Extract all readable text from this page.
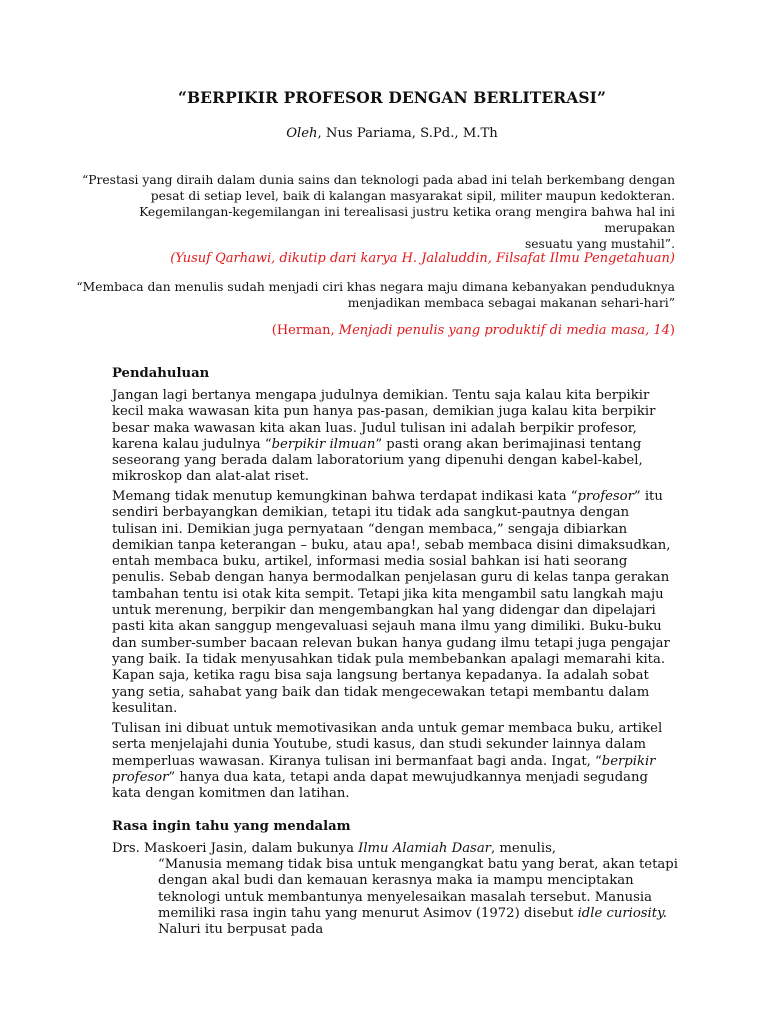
“BERPIKIR PROFESOR DENGAN BERLITERASI”

Oleh, Nus Pariama, S.Pd., M.Th

“Prestasi yang diraih dalam dunia sains dan teknologi pada abad ini telah berkembang dengan
pesat di setiap level, baik di kalangan masyarakat sipil, militer maupun kedokteran.
Kegemilangan-kegemilangan ini terealisasi justru ketika orang mengira bahwa hal ini merupakan
sesuatu yang mustahil”.

(Yusuf Qarhawi, dikutip dari karya H. Jalaluddin, Filsafat Ilmu Pengetahuan)

“Membaca dan menulis sudah menjadi ciri khas negara maju dimana kebanyakan penduduknya
menjadikan membaca sebagai makanan sehari-hari”

(Herman, Menjadi penulis yang produktif di media masa, 14)

Pendahuluan

Jangan lagi bertanya mengapa judulnya demikian. Tentu saja kalau kita berpikir kecil maka wawasan kita pun hanya pas-pasan, demikian juga kalau kita berpikir besar maka wawasan kita akan luas. Judul tulisan ini adalah berpikir profesor, karena kalau judulnya “berpikir ilmuan” pasti orang akan berimajinasi tentang seseorang yang berada dalam laboratorium yang dipenuhi dengan kabel-kabel, mikroskop dan alat-alat riset.

Memang tidak menutup kemungkinan bahwa terdapat indikasi kata “profesor” itu sendiri berbayangkan demikian, tetapi itu tidak ada sangkut-pautnya dengan tulisan ini. Demikian juga pernyataan “dengan membaca,” sengaja dibiarkan demikian tanpa keterangan – buku, atau apa!, sebab membaca disini dimaksudkan, entah membaca buku, artikel, informasi media sosial bahkan isi hati seorang penulis. Sebab dengan hanya bermodalkan penjelasan guru di kelas tanpa gerakan tambahan tentu isi otak kita sempit. Tetapi jika kita mengambil satu langkah maju untuk merenung, berpikir dan mengembangkan hal yang didengar dan dipelajari pasti kita akan sanggup mengevaluasi sejauh mana ilmu yang dimiliki. Buku-buku dan sumber-sumber bacaan relevan bukan hanya gudang ilmu tetapi juga pengajar yang baik. Ia tidak menyusahkan tidak pula membebankan apalagi memarahi kita. Kapan saja, ketika ragu bisa saja langsung bertanya kepadanya. Ia adalah sobat yang setia, sahabat yang baik dan tidak mengecewakan tetapi membantu dalam kesulitan.

Tulisan ini dibuat untuk memotivasikan anda untuk gemar membaca buku, artikel serta menjelajahi dunia Youtube, studi kasus, dan studi sekunder lainnya dalam memperluas wawasan. Kiranya tulisan ini bermanfaat bagi anda. Ingat, “berpikir profesor” hanya dua kata, tetapi anda dapat mewujudkannya menjadi segudang kata dengan komitmen dan latihan.

Rasa ingin tahu yang mendalam

Drs. Maskoeri Jasin, dalam bukunya Ilmu Alamiah Dasar, menulis,

“Manusia memang tidak bisa untuk mengangkat batu yang berat, akan tetapi dengan akal budi dan kemauan kerasnya maka ia mampu menciptakan teknologi untuk membantunya menyelesaikan masalah tersebut. Manusia memiliki rasa ingin tahu yang menurut Asimov (1972) disebut idle curiosity. Naluri itu berpusat pada
